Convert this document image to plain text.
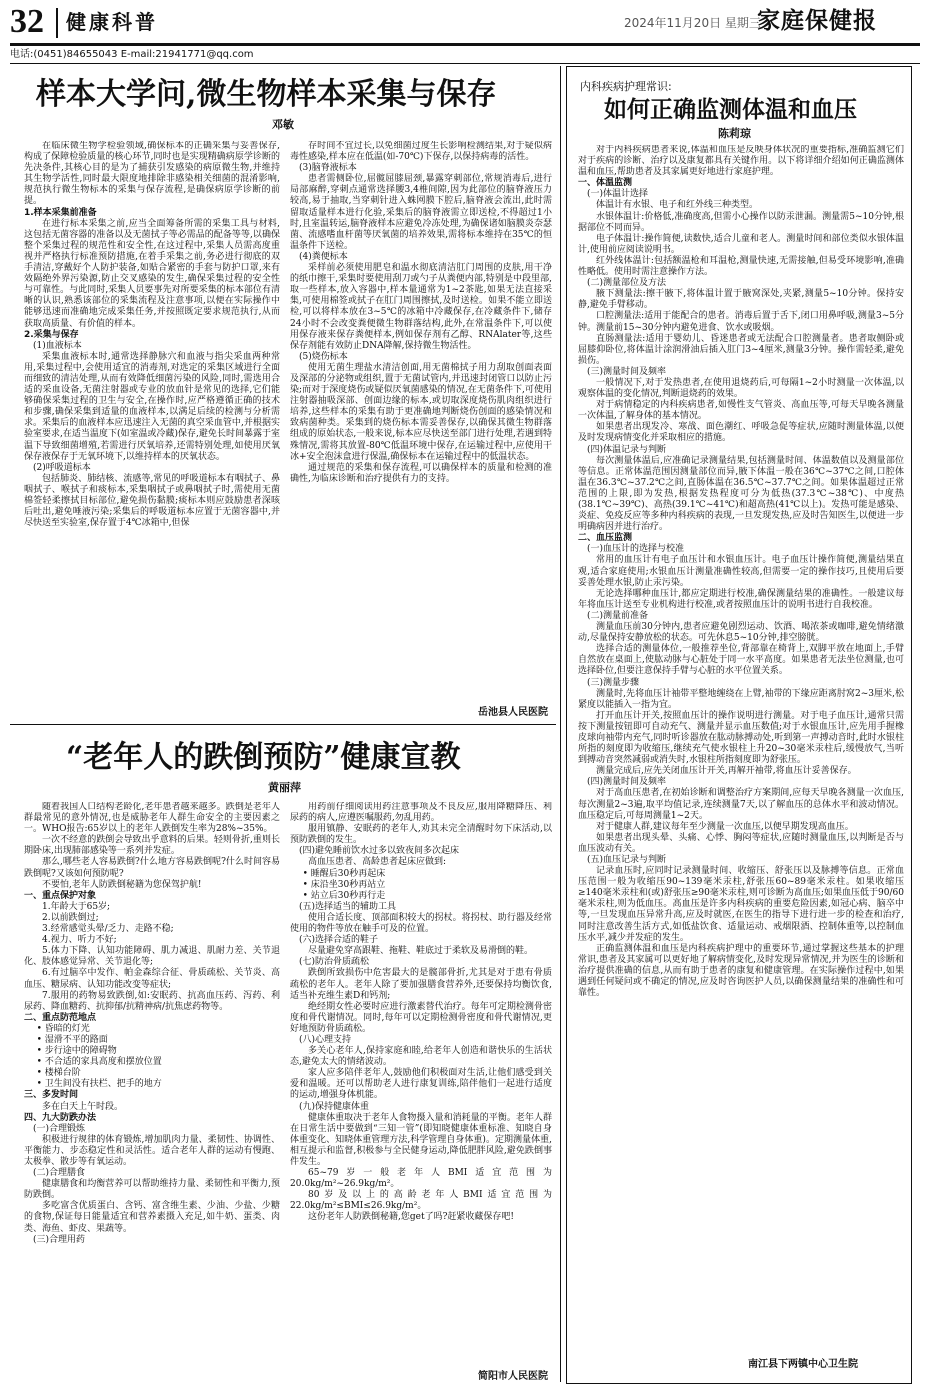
32 健康科普	2024年11月20日 星期三
家庭保健报
电话:(0451)84655043 E-mail:21941771@qq.com
样本大学问,微生物样本采集与保存
邓敏

在临床微生物学检验领域,确保标本的正确采集与妥善保存,构成了保障检验质量的核心环节,同时也是实现精确病原学诊断的先决条件,其核心目的是为了捕获引发感染的病原微生物,并维持其生物学活性,同时最大限度地排除非感染相关细菌的混淆影响,规范执行微生物标本的采集与保存流程,是确保病原学诊断的前提。

1.样本采集前准备

在进行标本采集之前,应当全面筹备所需的采集工具与材料,这包括无菌容器的准备以及无菌拭子等必需品的配备等等,以确保整个采集过程的规范性和安全性,在这过程中,采集人员需高度重视并严格执行标准预防措施,在着手采集之前,务必进行彻底的双手清洁,穿戴好个人防护装备,如贴合紧密的手套与防护口罩,来有效隔绝外界污染源,防止交叉感染的发生,确保采集过程的安全性与可靠性。与此同时,采集人员要事先对所要采集的标本部位有清晰的认识,熟悉该部位的采集流程及注意事项,以便在实际操作中能够迅速而准确地完成采集任务,并按照既定要求规范执行,从而获取高质量、有价值的样本。

2.采集与保存

(1)血液标本

采集血液标本时,通常选择静脉穴和血液与指尖采血两种常用,采集过程中,会使用适宜的消毒剂,对选定的采集区域进行全面而细致的清洁处理,从而有效降低细菌污染的风险,同时,需选用合适的采血设备,无菌注射器或专业的放血针是常见的选择,它们能够确保采集过程的卫生与安全,在操作时,应严格遵循正确的技术和步骤,确保采集到适量的血液样本,以满足后续的检测与分析需求。采集后的血液样本应迅速注入无菌的真空采血管中,并根据实验室要求,在适当温度下(如室温或冷藏)保存,避免长时间暴露于室温下导致细菌增殖,若需进行厌氧培养,还需特别处理,如使用厌氧保存液保存于无氧环境下,以维持样本的厌氧状态。

(2)呼吸道标本

包括肺炎、肺结核、流感等,常见的呼吸道标本有咽拭子、鼻咽拭子、喉拭子和痰标本,采集咽拭子或鼻咽拭子时,需使用无菌棉签轻柔擦拭目标部位,避免损伤黏膜;痰标本则应鼓励患者深咳后吐出,避免唾液污染;采集后的呼吸道标本应置于无菌容器中,并尽快送至实验室,保存置于4℃冰箱中,但保

存时间不宜过长,以免细菌过度生长影响检测结果,对于疑似病毒性感染,样本应在低温(如-70℃)下保存,以保持病毒的活性。

(3)脑脊液标本

患者需侧卧位,屈髋屈膝屈颈,暴露穿刺部位,常规消毒后,进行局部麻醉,穿刺点通常选择腰3,4椎间隙,因为此部位的脑脊液压力较高,易于抽取,当穿刺针进入蛛网膜下腔后,脑脊液会流出,此时需留取适量样本进行化验,采集后的脑脊液需立即送检,不得超过1小时,且室温转运,脑脊液样本应避免冷冻处理,为确保诸如脑膜炎奈瑟菌、流感嗜血杆菌等厌氧菌的培养效果,需将标本维持在35℃的恒温条件下送检。

(4)粪便标本

采样前必须使用肥皂和温水彻底清洁肛门周围的皮肤,用干净的纸巾擦干,采集时要使用刮刀或勺子从粪便内部,特别是中段里部,取一些样本,放入容器中,样本量通常为1~2茶匙,如果无法直接采集,可使用棉签或拭子在肛门周围擦拭,及时送检。如果不能立即送检,可以将样本放在3~5℃的冰箱中冷藏保存,在冷藏条件下,储存24小时不会改变粪便微生物群落结构,此外,在常温条件下,可以使用保存液来保存粪便样本,例如保存剂有乙醇、RNAlater等,这些保存剂能有效防止DNA降解,保持微生物活性。

(5)烧伤标本

使用无菌生理盐水清洁创面,用无菌棉拭子用力刮取创面表面及深部的分泌物或组织,置于无菌试管内,并迅速封闭管口以防止污染;而对于深度烧伤或疑似厌氧菌感染的情况,在无菌条件下,可使用注射器抽吸深部、创面边缘的标本,或切取深度烧伤肌肉组织进行培养,这些样本的采集有助于更准确地判断烧伤创面的感染情况和致病菌种类。采集到的烧伤标本需妥善保存,以确保其微生物群落组成的原始状态,一般来说,标本应尽快送至部门进行处理,若遇到特殊情况,需将其放置-80℃低温环境中保存,在运输过程中,应使用干冰+安全泡沫盒进行保温,确保标本在运输过程中的低温状态。

通过规范的采集和保存流程,可以确保样本的质量和检测的准确性,为临床诊断和治疗提供有力的支持。

岳池县人民医院
“老年人的跌倒预防”健康宣教
黄丽萍

随着我国人口结构老龄化,老年患者越来越多。跌倒是老年人群最常见的意外情况,也是威胁老年人群生命安全的主要因素之一。WHO报告:65岁以上的老年人跌倒发生率为28%~35%。

一次不经意的跌倒会导致出乎意料的后果。轻则骨折,重则长期卧床,出现肺部感染等一系列并发症。

那么,哪些老人容易跌倒?什么地方容易跌倒呢?什么时间容易跌倒呢?又该如何预防呢?

不要怕,老年人防跌倒秘籍为您保驾护航!

一、重点保护对象

1.年龄大于65岁;

2.以前跌倒过;

3.经常感觉头晕/乏力、走路不稳;

4.视力、听力不好;

5.体力下降、认知功能障碍、肌力减退、肌耐力差、关节退化、肢体感觉异常、关节退化等;

6.有过脑卒中发作、帕金森综合征、骨质疏松、关节炎、高血压、糖尿病、认知功能改变等症状;

7.服用的药物易致跌倒,如:安眠药、抗高血压药、泻药、利尿药、降血糖药、抗抑郁/抗精神病/抗焦虑药物等。

二、重点防范地点

• 昏暗的灯光

• 湿滑不平的路面

• 步行途中的障碍物

• 不合适的家具高度和摆放位置

• 楼梯台阶

• 卫生间没有扶栏、把手的地方

三、多发时间

多在白天上午时段。

四、九大防跌办法

(一)合理锻炼

积极进行规律的体育锻炼,增加肌肉力量、柔韧性、协调性、平衡能力、步态稳定性和灵活性。适合老年人群的运动有慢跑、太极拳、散步等有氧运动。

(二)合理膳食

健康膳食和均衡营养可以帮助维持力量、柔韧性和平衡力,预防跌倒。

多吃富含优质蛋白、含钙、富含维生素、少油、少盐、少糖的食物,保证每日能量适宜和营养素摄入充足,如牛奶、蛋类、肉类、海鱼、虾皮、果蔬等。

(三)合理用药

用药前仔细阅读用药注意事项及不良反应,服用降糖降压、利尿药的病人,应遵医嘱服药,勿乱用药。

服用镇静、安眠药的老年人,劝其未完全清醒时勿下床活动,以预防跌倒的发生。

(四)避免睡前饮水过多以致夜间多次起床

高血压患者、高龄患者起床应做到:

• 睡醒后30秒再起床

• 床沿坐30秒再站立

• 站立后30秒再行走

(五)选择适当的辅助工具

使用合适长度、顶部面积较大的拐杖。将拐杖、助行器及经常使用的物件等放在触手可及的位置。

(六)选择合适的鞋子

尽量避免穿高跟鞋、拖鞋、鞋底过于柔软及易滑倒的鞋。

(七)防治骨质疏松

跌倒所致损伤中危害最大的是髋部骨折,尤其是对于患有骨质疏松的老年人。老年人除了要加强膳食营养外,还要保持均衡饮食,适当补充维生素D和钙剂;

绝经期女性必要时应进行激素替代治疗。每年可定期检测骨密度和骨代谢情况。同时,每年可以定期检测骨密度和骨代谢情况,更好地预防骨质疏松。

(八)心理支持

多关心老年人,保持家庭和睦,给老年人创造和谐快乐的生活状态,避免太大的情绪波动。

家人应多陪伴老年人,鼓励他们积极面对生活,让他们感受到关爱和温暖。还可以帮助老人进行康复训练,陪伴他们一起进行适度的运动,增强身体机能。

(九)保持健康体重

健康体重取决于老年人食物摄入量和消耗量的平衡。老年人群在日常生活中要做到“三知一管”(即知晓健康体重标准、知晓自身体重变化、知晓体重管理方法,科学管理自身体重)。定期测量体重,相互提示和监督,积极参与全民健身运动,降低肥胖风险,避免跌倒事件发生。

65~79岁一般老年人BMI适宜范围为20.0kg/m²~26.9kg/m²。

80岁及以上的高龄老年人BMI适宜范围为22.0kg/m²≤BMI≤26.9kg/m²。

这份老年人防跌倒秘籍,您get了吗?赶紧收藏保存吧!

简阳市人民医院
内科疾病护理常识:
如何正确监测体温和血压
陈莉琼

对于内科疾病患者来说,体温和血压是反映身体状况的重要指标,准确监测它们对于疾病的诊断、治疗以及康复都具有关键作用。以下将详细介绍如何正确监测体温和血压,帮助患者及其家属更好地进行家庭护理。

一、体温监测

(一)体温计选择

体温计有水银、电子和红外线三种类型。

水银体温计:价格低,准确度高,但需小心操作以防汞泄漏。测量需5~10分钟,根据部位不同而异。

电子体温计:操作简便,读数快,适合儿童和老人。测量时间和部位类似水银体温计,使用前应阅读说明书。

红外线体温计:包括额温枪和耳温枪,测量快速,无需接触,但易受环境影响,准确性略低。使用时需注意操作方法。

(二)测量部位及方法

腋下测量法:擦干腋下,将体温计置于腋窝深处,夹紧,测量5~10分钟。保持安静,避免手臂移动。

口腔测量法:适用于能配合的患者。消毒后置于舌下,闭口用鼻呼吸,测量3~5分钟。测量前15~30分钟内避免进食、饮水或吸烟。

直肠测量法:适用于婴幼儿、昏迷患者或无法配合口腔测量者。患者取侧卧或屈膝仰卧位,将体温计涂润滑油后插入肛门3~4厘米,测量3分钟。操作需轻柔,避免损伤。

(三)测量时间及频率

一般情况下,对于发热患者,在使用退烧药后,可每隔1~2小时测量一次体温,以观察体温的变化情况,判断退烧药的效果。

对于病情稳定的内科疾病患者,如慢性支气管炎、高血压等,可每天早晚各测量一次体温,了解身体的基本情况。

如果患者出现发冷、寒战、面色潮红、呼吸急促等症状,应随时测量体温,以便及时发现病情变化并采取相应的措施。

(四)体温记录与判断

每次测量体温后,应准确记录测量结果,包括测量时间、体温数值以及测量部位等信息。正常体温范围因测量部位而异,腋下体温一般在36℃~37℃之间,口腔体温在36.3℃~37.2℃之间,直肠体温在36.5℃~37.7℃之间。如果体温超过正常范围的上限,即为发热,根据发热程度可分为低热(37.3℃~38℃)、中度热(38.1℃~39℃)、高热(39.1℃~41℃)和超高热(41℃以上)。发热可能是感染、炎症、免疫反应等多种内科疾病的表现,一旦发现发热,应及时告知医生,以便进一步明确病因并进行治疗。

二、血压监测

(一)血压计的选择与校准

常用的血压计有电子血压计和水银血压计。电子血压计操作简便,测量结果直观,适合家庭使用;水银血压计测量准确性较高,但需要一定的操作技巧,且使用后要妥善处理水银,防止汞污染。

无论选择哪种血压计,都应定期进行校准,确保测量结果的准确性。一般建议每年将血压计送至专业机构进行校准,或者按照血压计的说明书进行自我校准。

(二)测量前准备

测量血压前30分钟内,患者应避免剧烈运动、饮酒、喝浓茶或咖啡,避免情绪激动,尽量保持安静放松的状态。可先休息5~10分钟,排空膀胱。

选择合适的测量体位,一般推荐坐位,背部靠在椅背上,双脚平放在地面上,手臂自然放在桌面上,使肱动脉与心脏处于同一水平高度。如果患者无法坐位测量,也可选择卧位,但要注意保持手臂与心脏的水平位置关系。

(三)测量步骤

测量时,先将血压计袖带平整地缠绕在上臂,袖带的下缘应距离肘窝2~3厘米,松紧度以能插入一指为宜。

打开血压计开关,按照血压计的操作说明进行测量。对于电子血压计,通常只需按下测量按钮即可自动充气、测量并显示血压数值;对于水银血压计,应先用手握橡皮球向袖带内充气,同时听诊器放在肱动脉搏动处,听到第一声搏动音时,此时水银柱所指的刻度即为收缩压,继续充气使水银柱上升20~30毫米汞柱后,缓慢放气,当听到搏动音突然减弱或消失时,水银柱所指刻度即为舒张压。

测量完成后,应先关闭血压计开关,再解开袖带,将血压计妥善保存。

(四)测量时间及频率

对于高血压患者,在初始诊断和调整治疗方案期间,应每天早晚各测量一次血压,每次测量2~3遍,取平均值记录,连续测量7天,以了解血压的总体水平和波动情况。血压稳定后,可每周测量1~2天。

对于健康人群,建议每年至少测量一次血压,以便早期发现高血压。

如果患者出现头晕、头痛、心悸、胸闷等症状,应随时测量血压,以判断是否与血压波动有关。

(五)血压记录与判断

记录血压时,应同时记录测量时间、收缩压、舒张压以及脉搏等信息。正常血压范围一般为收缩压90~139毫米汞柱,舒张压60~89毫米汞柱。如果收缩压≥140毫米汞柱和(或)舒张压≥90毫米汞柱,则可诊断为高血压;如果血压低于90/60毫米汞柱,则为低血压。高血压是许多内科疾病的重要危险因素,如冠心病、脑卒中等,一旦发现血压异常升高,应及时就医,在医生的指导下进行进一步的检查和治疗,同时注意改善生活方式,如低盐饮食、适量运动、戒烟限酒、控制体重等,以控制血压水平,减少并发症的发生。

正确监测体温和血压是内科疾病护理中的重要环节,通过掌握这些基本的护理常识,患者及其家属可以更好地了解病情变化,及时发现异常情况,并为医生的诊断和治疗提供准确的信息,从而有助于患者的康复和健康管理。在实际操作过程中,如果遇到任何疑问或不确定的情况,应及时咨询医护人员,以确保测量结果的准确性和可靠性。

南江县下两镇中心卫生院
